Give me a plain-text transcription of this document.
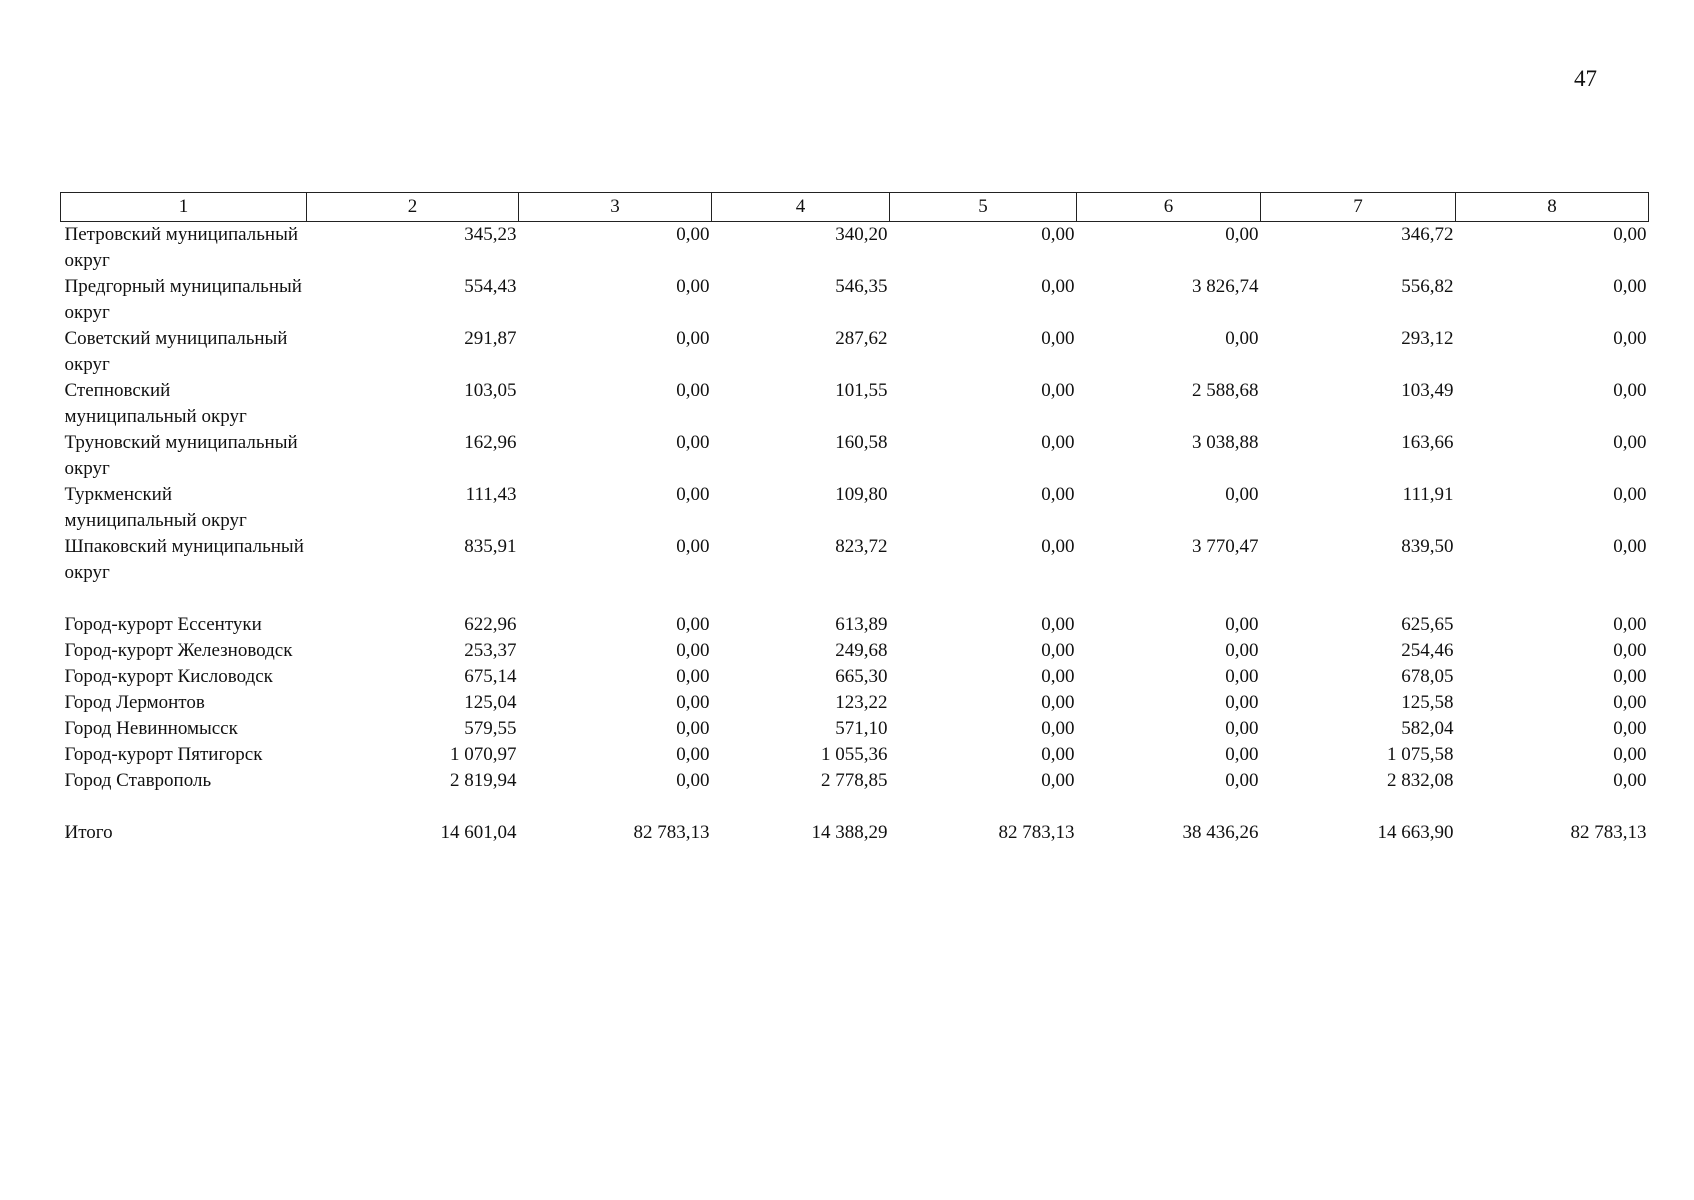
47
1	2	3	4	5	6	7	8
Петровский муниципальный округ	345,23	0,00	340,20	0,00	0,00	346,72	0,00
Предгорный муниципальный округ	554,43	0,00	546,35	0,00	3 826,74	556,82	0,00
Советский муниципальный округ	291,87	0,00	287,62	0,00	0,00	293,12	0,00
Степновский муниципальный округ	103,05	0,00	101,55	0,00	2 588,68	103,49	0,00
Труновский муниципальный округ	162,96	0,00	160,58	0,00	3 038,88	163,66	0,00
Туркменский муниципальный округ	111,43	0,00	109,80	0,00	0,00	111,91	0,00
Шпаковский муниципальный округ	835,91	0,00	823,72	0,00	3 770,47	839,50	0,00
Город-курорт Ессентуки	622,96	0,00	613,89	0,00	0,00	625,65	0,00
Город-курорт Железноводск	253,37	0,00	249,68	0,00	0,00	254,46	0,00
Город-курорт Кисловодск	675,14	0,00	665,30	0,00	0,00	678,05	0,00
Город Лермонтов	125,04	0,00	123,22	0,00	0,00	125,58	0,00
Город Невинномысск	579,55	0,00	571,10	0,00	0,00	582,04	0,00
Город-курорт Пятигорск	1 070,97	0,00	1 055,36	0,00	0,00	1 075,58	0,00
Город Ставрополь	2 819,94	0,00	2 778,85	0,00	0,00	2 832,08	0,00
Итого	14 601,04	82 783,13	14 388,29	82 783,13	38 436,26	14 663,90	82 783,13
